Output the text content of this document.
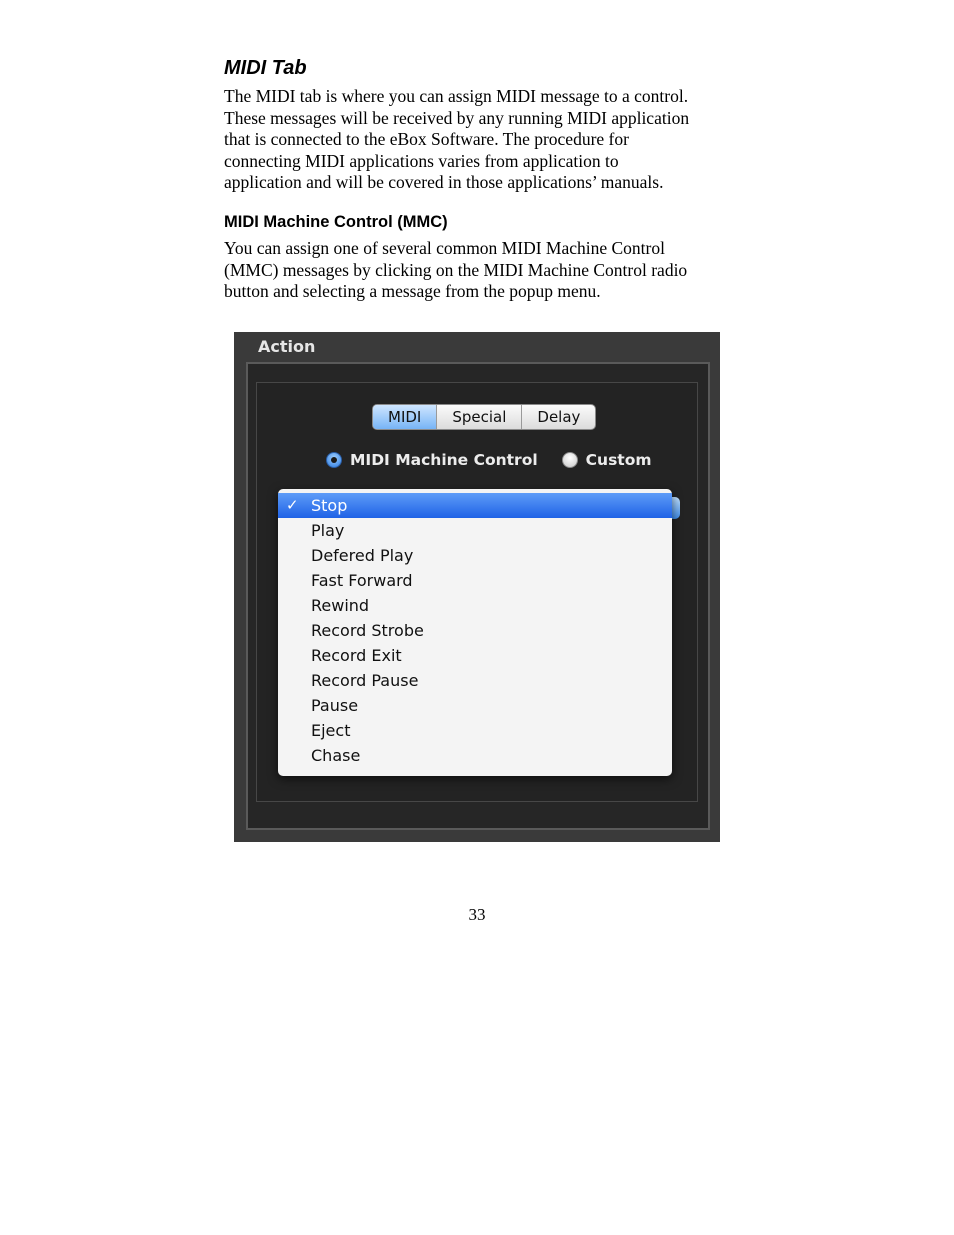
MIDI Tab

The MIDI tab is where you can assign MIDI message to a control.
These messages will be received by any running MIDI application
that is connected to the eBox Software. The procedure for
connecting MIDI applications varies from application to
application and will be covered in those applications’ manuals.

MIDI Machine Control (MMC)

You can assign one of several common MIDI Machine Control
(MMC) messages by clicking on the MIDI Machine Control radio
button and selecting a message from the popup menu.

Action
MIDI	Special	Delay
MIDI Machine Control	Custom
✓ Stop
Play
Defered Play
Fast Forward
Rewind
Record Strobe
Record Exit
Record Pause
Pause
Eject
Chase
33
